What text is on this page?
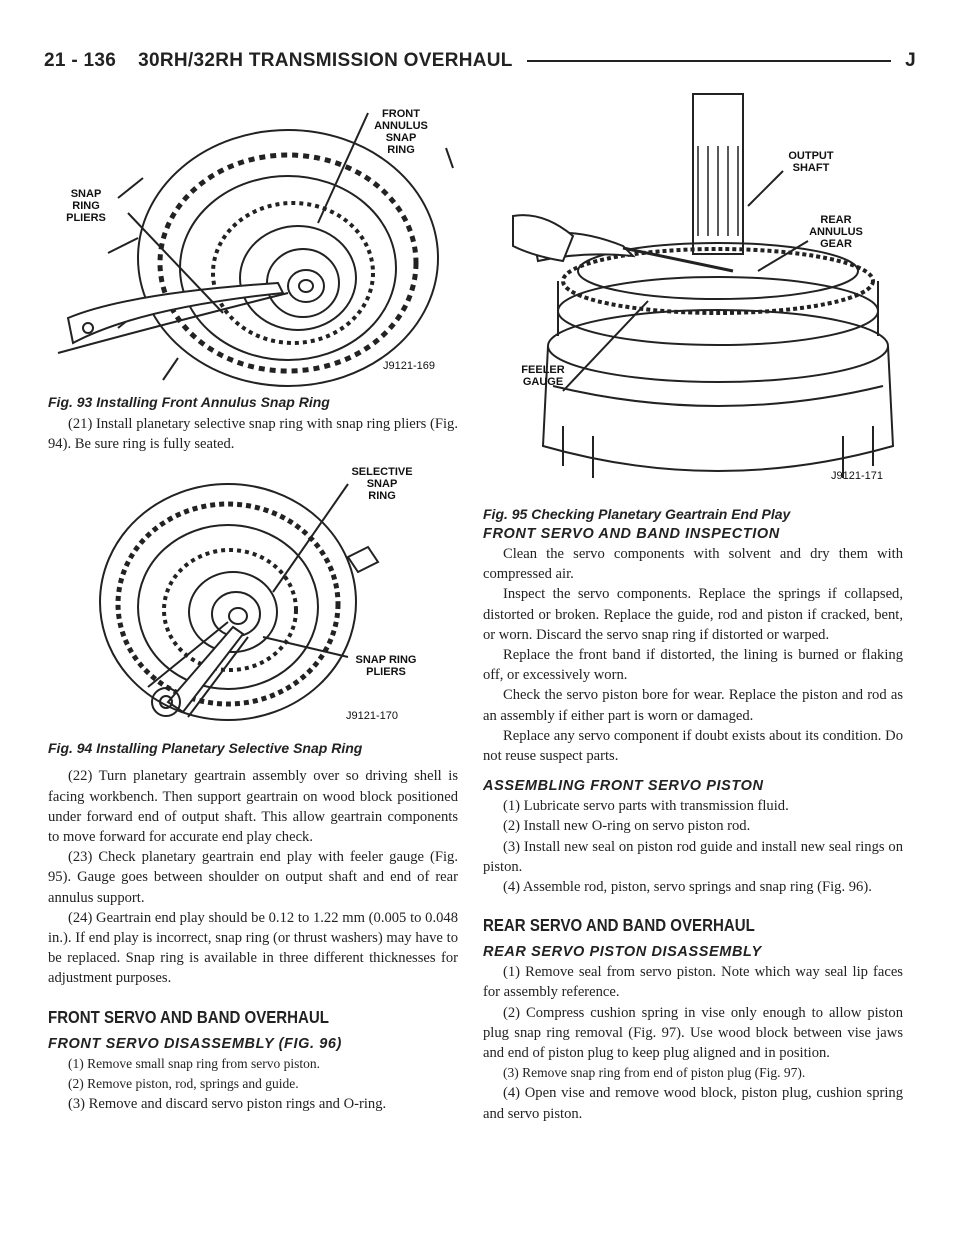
21 - 136 30RH/32RH TRANSMISSION OVERHAUL	J
FRONT
ANNULUS
SNAP
RING
SNAP
RING
PLIERS
J9121-169
Fig. 93 Installing Front Annulus Snap Ring

(21) Install planetary selective snap ring with snap ring pliers (Fig. 94). Be sure ring is fully seated.

SELECTIVE
SNAP
RING
SNAP RING
PLIERS
J9121-170
Fig. 94 Installing Planetary Selective Snap Ring

(22) Turn planetary geartrain assembly over so driving shell is facing workbench. Then support geartrain on wood block positioned under forward end of output shaft. This allow geartrain components to move forward for accurate end play check.

(23) Check planetary geartrain end play with feeler gauge (Fig. 95). Gauge goes between shoulder on output shaft and end of rear annulus support.

(24) Geartrain end play should be 0.12 to 1.22 mm (0.005 to 0.048 in.). If end play is incorrect, snap ring (or thrust washers) may have to be replaced. Snap ring is available in three different thicknesses for adjustment purposes.

FRONT SERVO AND BAND OVERHAUL
FRONT SERVO DISASSEMBLY (FIG. 96)

(1) Remove small snap ring from servo piston.

(2) Remove piston, rod, springs and guide.

(3) Remove and discard servo piston rings and O-ring.

OUTPUT
SHAFT
REAR
ANNULUS
GEAR
FEELER
GAUGE
J9121-171
Fig. 95 Checking Planetary Geartrain End Play
FRONT SERVO AND BAND INSPECTION

Clean the servo components with solvent and dry them with compressed air.

Inspect the servo components. Replace the springs if collapsed, distorted or broken. Replace the guide, rod and piston if cracked, bent, or worn. Discard the servo snap ring if distorted or warped.

Replace the front band if distorted, the lining is burned or flaking off, or excessively worn.

Check the servo piston bore for wear. Replace the piston and rod as an assembly if either part is worn or damaged.

Replace any servo component if doubt exists about its condition. Do not reuse suspect parts.

ASSEMBLING FRONT SERVO PISTON

(1) Lubricate servo parts with transmission fluid.

(2) Install new O-ring on servo piston rod.

(3) Install new seal on piston rod guide and install new seal rings on piston.

(4) Assemble rod, piston, servo springs and snap ring (Fig. 96).

REAR SERVO AND BAND OVERHAUL
REAR SERVO PISTON DISASSEMBLY

(1) Remove seal from servo piston. Note which way seal lip faces for assembly reference.

(2) Compress cushion spring in vise only enough to allow piston plug snap ring removal (Fig. 97). Use wood block between vise jaws and end of piston plug to keep plug aligned and in position.

(3) Remove snap ring from end of piston plug (Fig. 97).

(4) Open vise and remove wood block, piston plug, cushion spring and servo piston.
